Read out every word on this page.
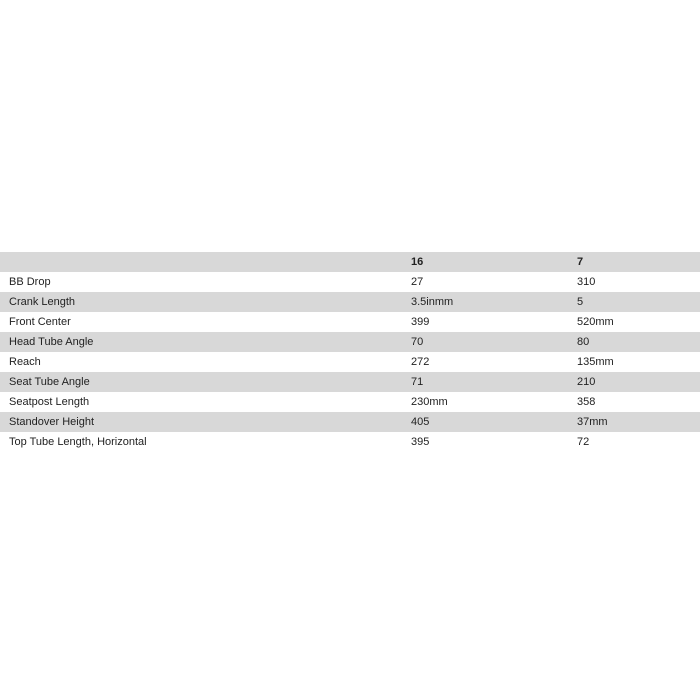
	16	7
BB Drop	27	310
Crank Length	3.5inmm	5
Front Center	399	520mm
Head Tube Angle	70	80
Reach	272	135mm
Seat Tube Angle	71	210
Seatpost Length	230mm	358
Standover Height	405	37mm
Top Tube Length, Horizontal	395	72
